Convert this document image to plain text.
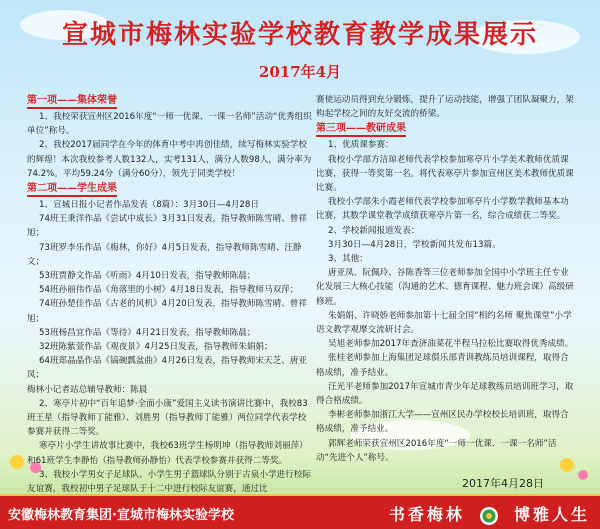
宣城市梅林实验学校教育教学成果展示
2017年4月
第一项——集体荣誉

1、我校荣获宣州区2016年度“一师一优课、一课一名师”活动“优秀组织单位”称号。

2、我校2017届同学在今年的体育中考中再创佳绩，续写梅林实验学校的辉煌！本次我校参考人数132人，实考131人，满分人数98人，满分率为74.2%。平均59.24分（满分60分），领先于同类学校！

第二项——学生成果

1、宣城日报小记者作品发表（8篇）：3月30日—4月28日

74班王秉洋作品《尝试中成长》3月31日发表，指导教师陈雪晴、曾祥旭；

73班罗李乐作品《梅林，你好》4月5日发表，指导教师陈雪晴、汪静文；

53班贾静文作品《听雨》4月10日发表，指导教师陈晨；

54班孙丽伟作品《角落里的小树》4月18日发表，指导教师马双萍；

74班孙楚佳作品《古老的风机》4月20日发表，指导教师陈雪晴、曾祥旭；

53班杨昌宜作品《等待》4月21日发表，指导教师陈晨；

32班陈紫萱作品《观夜景》4月25日发表，指导教师朱娟娟；

64班郑晶晶作品《镐碗瓢盆曲》4月26日发表，指导教师宋天芝、唐亚凤；

梅林小记者站总辅导教师：陈晨

2、寒亭片初中“百年追梦·全面小康”爱国主义读书演讲比赛中，我校83班王星（指导教师丁能雅）、刘胜男（指导教师丁能雅）两位同学代表学校参赛并获得二等奖。

寒亭片小学生讲故事比赛中，我校63班学生杨明坤（指导教师刘丽萍）和61班学生李静怡（指导教师孙静怡）代表学校参赛并获得二等奖。

3、我校小学男女子足球队、小学生男子篮球队分别于古泉小学进行校际友谊赛，我校初中男子足球队于十二中进行校际友谊赛，通过比

赛使运动员得到充分锻炼，提升了运动技能，增强了团队凝聚力，架构起学校之间的友好交流的桥梁。

第三项——教研成果

1、优质课参赛：

我校小学部方洁琼老师代表学校参加寒亭片小学美术教师优质课比赛，获得一等奖第一名。将代表寒亭片参加宣州区美术教师优质课比赛。

我校小学部朱小霞老师代表学校参加寒亭片小学数学教师基本功比赛，其数学课堂教学成绩获寒亭片第一名，综合成绩获二等奖。

2、学校新闻报道发表：

3月30日—4月28日，学校新闻共发布13篇。

3、其他：

唐亚凤、阮佩玲、谷陈香等三位老师参加全国中小学班主任专业化发展三大核心技能（沟通的艺术、德育课程、魅力班会课）高级研修班。

朱娟娟、许晓娇老师参加第十七届全国“相约名师 聚焦课堂”小学语文教学观摩交流研讨会。

吴旭老师参加2017年查济油菜花半程马拉松比赛取得优秀成绩。

张桂老师参加上海集团足球俱乐部青训教练员培训课程，取得合格成绩，准予结业。

汪光平老师参加2017年宣城市青少年足球教练员培训班学习，取得合格成绩。

李彬老师参加浙江大学——宣州区民办学校校长培训班，取得合格成绩，准予结业。

郭辉老师荣获宣州区2016年度“一师一优课、一课一名师”活动“先进个人”称号。

2017年4月28日
安徽梅林教育集团·宣城市梅林实验学校	书香梅林	博雅人生
